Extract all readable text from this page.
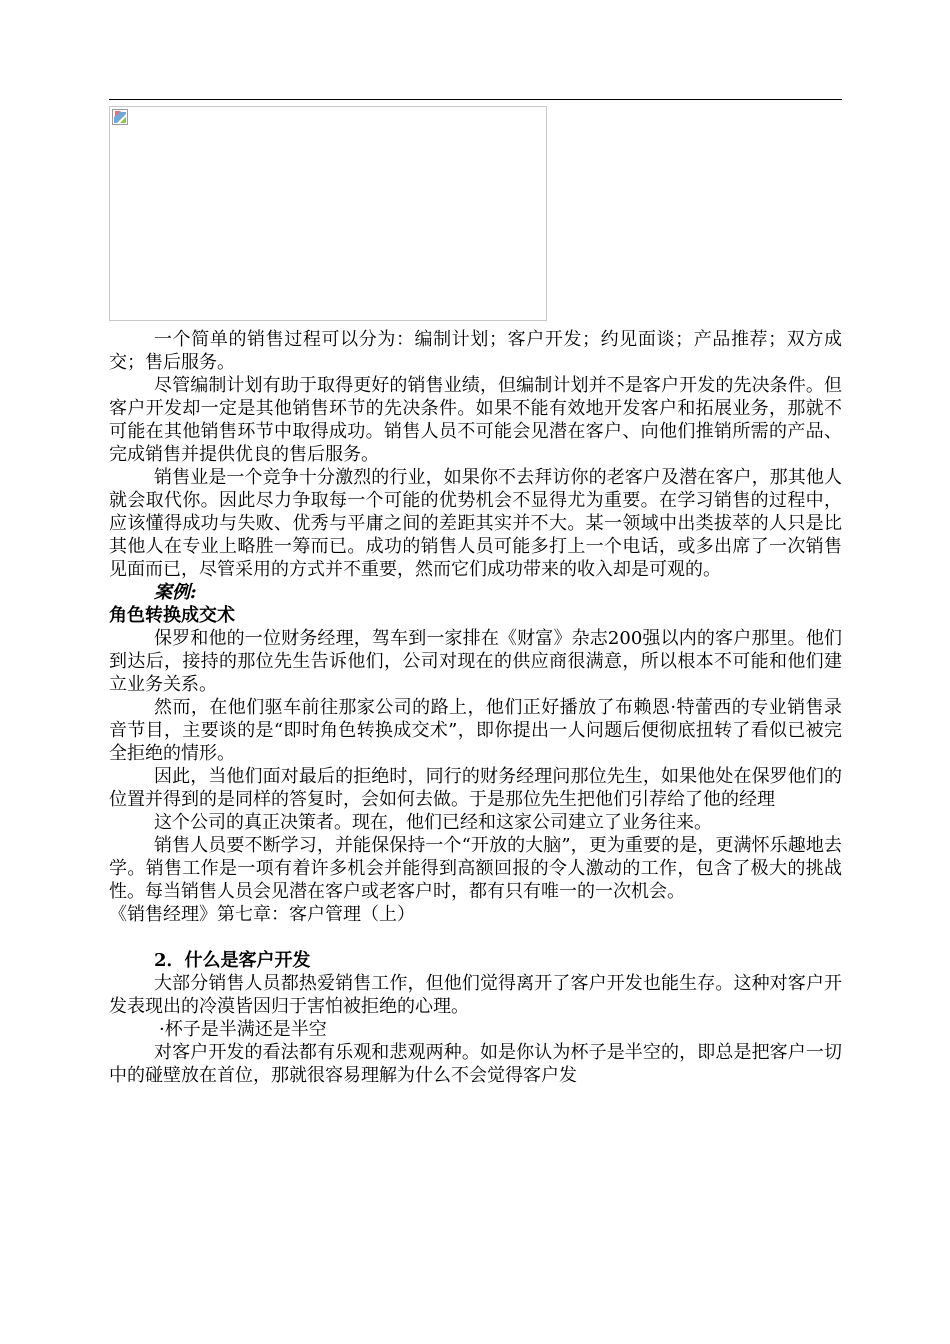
一个简单的销售过程可以分为：编制计划；客户开发；约见面谈；产品推荐；双方成交；售后服务。

尽管编制计划有助于取得更好的销售业绩，但编制计划并不是客户开发的先决条件。但客户开发却一定是其他销售环节的先决条件。如果不能有效地开发客户和拓展业务，那就不可能在其他销售环节中取得成功。销售人员不可能会见潜在客户、向他们推销所需的产品、完成销售并提供优良的售后服务。

销售业是一个竞争十分激烈的行业，如果你不去拜访你的老客户及潜在客户，那其他人就会取代你。因此尽力争取每一个可能的优势机会不显得尤为重要。在学习销售的过程中，应该懂得成功与失败、优秀与平庸之间的差距其实并不大。某一领域中出类拔萃的人只是比其他人在专业上略胜一筹而已。成功的销售人员可能多打上一个电话，或多出席了一次销售见面而已，尽管采用的方式并不重要，然而它们成功带来的收入却是可观的。

案例:

角色转换成交术

保罗和他的一位财务经理，驾车到一家排在《财富》杂志200强以内的客户那里。他们到达后，接持的那位先生告诉他们，公司对现在的供应商很满意，所以根本不可能和他们建立业务关系。

然而，在他们驱车前往那家公司的路上，他们正好播放了布赖恩·特蕾西的专业销售录音节目，主要谈的是“即时角色转换成交术”，即你提出一人问题后便彻底扭转了看似已被完全拒绝的情形。

因此，当他们面对最后的拒绝时，同行的财务经理问那位先生，如果他处在保罗他们的位置并得到的是同样的答复时，会如何去做。于是那位先生把他们引荐给了他的经理

这个公司的真正决策者。现在，他们已经和这家公司建立了业务往来。

销售人员要不断学习，并能保保持一个“开放的大脑”，更为重要的是，更满怀乐趣地去学。销售工作是一项有着许多机会并能得到高额回报的令人激动的工作，包含了极大的挑战性。每当销售人员会见潜在客户或老客户时，都有只有唯一的一次机会。

《销售经理》第七章：客户管理（上）

2．什么是客户开发

大部分销售人员都热爱销售工作，但他们觉得离开了客户开发也能生存。这种对客户开发表现出的冷漠皆因归于害怕被拒绝的心理。

·杯子是半满还是半空

对客户开发的看法都有乐观和悲观两种。如是你认为杯子是半空的，即总是把客户一切中的碰壁放在首位，那就很容易理解为什么不会觉得客户发
